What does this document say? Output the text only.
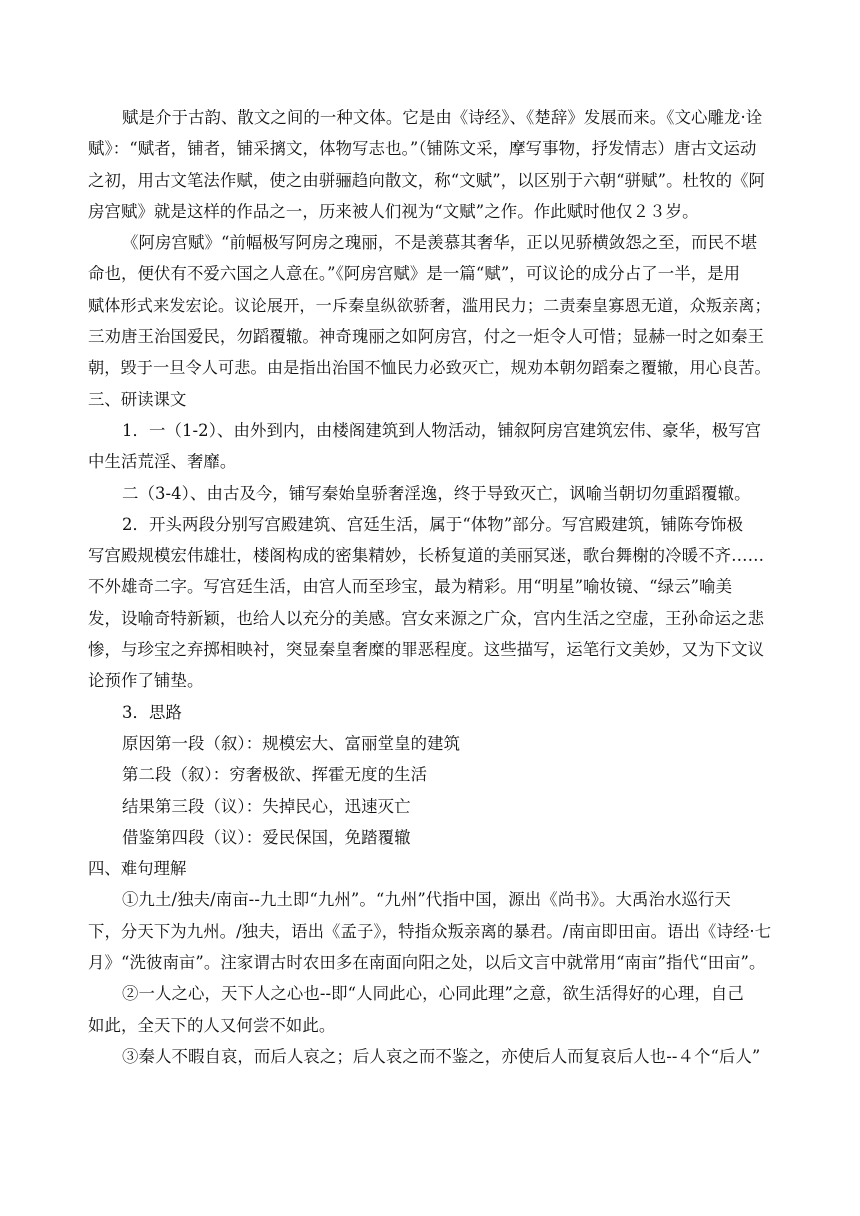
赋是介于古韵、散文之间的一种文体。它是由《诗经》、《楚辞》发展而来。《文心雕龙·诠
赋》：“赋者，铺者，铺采摛文，体物写志也。”（铺陈文采，摩写事物，抒发情志）唐古文运动
之初，用古文笔法作赋，使之由骈骊趋向散文，称“文赋”，以区别于六朝“骈赋”。杜牧的《阿
房宫赋》就是这样的作品之一，历来被人们视为“文赋”之作。作此赋时他仅２３岁。
《阿房宫赋》“前幅极写阿房之瑰丽，不是羡慕其奢华，正以见骄横敛怨之至，而民不堪
命也，便伏有不爱六国之人意在。”《阿房宫赋》是一篇“赋”，可议论的成分占了一半，是用
赋体形式来发宏论。议论展开，一斥秦皇纵欲骄奢，滥用民力；二责秦皇寡恩无道，众叛亲离；
三劝唐王治国爱民，勿蹈覆辙。神奇瑰丽之如阿房宫，付之一炬令人可惜；显赫一时之如秦王
朝，毁于一旦令人可悲。由是指出治国不恤民力必致灭亡，规劝本朝勿蹈秦之覆辙，用心良苦。
三、研读课文
1．一（1-2）、由外到内，由楼阁建筑到人物活动，铺叙阿房宫建筑宏伟、豪华，极写宫
中生活荒淫、奢靡。
二（3-4）、由古及今，铺写秦始皇骄奢淫逸，终于导致灭亡，讽喻当朝切勿重蹈覆辙。
2．开头两段分别写宫殿建筑、宫廷生活，属于“体物”部分。写宫殿建筑，铺陈夸饰极
写宫殿规模宏伟雄壮，楼阁构成的密集精妙，长桥复道的美丽冥迷，歌台舞榭的冷暖不齐……
不外雄奇二字。写宫廷生活，由宫人而至珍宝，最为精彩。用“明星”喻妆镜、“绿云”喻美
发，设喻奇特新颖，也给人以充分的美感。宫女来源之广众，宫内生活之空虚，王孙命运之悲
惨，与珍宝之弃掷相映衬，突显秦皇奢糜的罪恶程度。这些描写，运笔行文美妙，又为下文议
论预作了铺垫。
3．思路
原因第一段（叙）：规模宏大、富丽堂皇的建筑
第二段（叙）：穷奢极欲、挥霍无度的生活
结果第三段（议）：失掉民心，迅速灭亡
借鉴第四段（议）：爱民保国，免踏覆辙
四、难句理解
①九土/独夫/南亩--九土即“九州”。“九州”代指中国，源出《尚书》。大禹治水巡行天
下，分天下为九州。/独夫，语出《孟子》，特指众叛亲离的暴君。/南亩即田亩。语出《诗经·七
月》“洗彼南亩”。注家谓古时农田多在南面向阳之处，以后文言中就常用“南亩”指代“田亩”。
②一人之心，天下人之心也--即“人同此心，心同此理”之意，欲生活得好的心理，自己
如此，全天下的人又何尝不如此。
③秦人不暇自哀，而后人哀之；后人哀之而不鉴之，亦使后人而复哀后人也--４个“后人”
